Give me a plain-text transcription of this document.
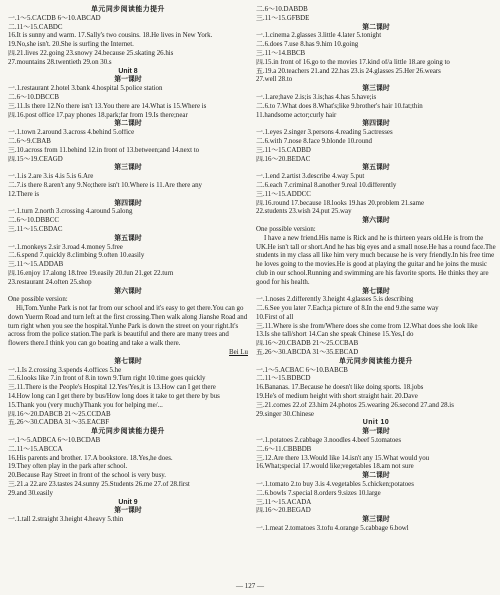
单元同步阅读能力提升
一.1～5.CACDB 6～10.ABCAD
二.11～15.CABDC
16.It is sunny and warm. 17.Sally's two cousins. 18.He lives in New York.
19.No,she isn't. 20.She is surfing the Internet.
四.21.lives 22.going 23.snowy 24.because 25.skating 26.his
27.mountains 28.twentieth 29.on 30.s
Unit 8
第一课时
一.1.restaurant 2.hotel 3.bank 4.hospital 5.police station
二.6～10.DBCCB
三.11.Is there 12.No there isn't 13.You there are 14.What is 15.Where is
四.16.post office 17.pay phones 18.park;far from 19.Is there;near
第二课时
一.1.town 2.around 3.across 4.behind 5.office
二.6～9.CBAB
三.10.across from 11.behind 12.in front of 13.between;and 14.next to
四.15～19.CEAGD
第三课时
一.1.is 2.are 3.is 4.is 5.is 6.Are
二.7.is there 8.aren't any 9.No;there isn't 10.Where is 11.Are there any
12.There is
第四课时
一.1.turn 2.north 3.crossing 4.around 5.along
二.6～10.DBBCC
三.11～15.CBDAC
第五课时
一.1.monkeys 2.sir 3.road 4.money 5.free
二.6.spend 7.quickly 8.climbing 9.often 10.easily
三.11～15.ADDAB
四.16.enjoy 17.along 18.free 19.easily 20.fun 21.get 22.turn
23.restaurant 24.often 25.shop
第六课时
One possible version:
Hi,Tom.Yunhe Park is not far from our school and it's easy to get there.You can go down Yuerm Road and turn left at the first crossing.Then walk along Jianshe Road and turn right when you see the hospital.Yunhe Park is down the street on your right.It's across from the police station.The park is beautiful and there are many trees and flowers there.I think you can go boating and take a walk there.
Bei Lu
第七课时
一.1.Is 2.crossing 3.spends 4.offices 5.he
二.6.looks like 7.in front of 8.in town 9.Turn right 10.time goes quickly
三.11.There is the People's Hospital 12.Yes/Yes,it is 13.How can I get there
14.How long can I get there by bus/How long does it take to get there by bus
15.Thank you (very much)/Thank you for helping me/...
四.16～20.DABCB 21～25.CCDAB
五.26～30.CADBA 31～35.EACBF
单元同步阅读能力提升
一.1～5.ADBCA 6～10.BCDAB
二.11～15.ABCCA
16.His parents and brother. 17.A bookstore. 18.Yes,he does.
19.They often play in the park after school.
20.Because Ray Street in front of the school is very busy.
三.21.a 22.are 23.tastes 24.sunny 25.Students 26.me 27.of 28.first
29.and 30.easily
Unit 9
第一课时
一.1.tall 2.straight 3.height 4.heavy 5.thin
二.6～10.DABDB
三.11～15.GFBDE
第二课时
一.1.cinema 2.glasses 3.little 4.later 5.tonight
二.6.does 7.use 8.has 9.him 10.going
三.11～14.BBCB
四.15.in front of 16.go to the movies 17.kind of/a little 18.are going to
五.19.a 20.teachers 21.and 22.has 23.is 24.glasses 25.Her 26.wears
27.well 28.to
第三课时
一.1.are;have 2.is;is 3.is;has 4.has 5.have;is
二.6.to 7.What does 8.What's;like 9.brother's hair 10.fat;thin
11.handsome actor;curly hair
第四课时
一.1.eyes 2.singer 3.persons 4.reading 5.actresses
二.6.with 7.nose 8.face 9.blonde 10.round
三.11～15.CADBD
四.16～20.BEDAC
第五课时
一.1.end 2.artist 3.describe 4.way 5.put
二.6.each 7.criminal 8.another 9.real 10.differently
三.11～15.ADDCC
四.16.round 17.because 18.looks 19.has 20.problem 21.same
22.students 23.wish 24.put 25.way
第六课时
One possible version:
I have a new friend.His name is Rick and he is thirteen years old.He is from the UK.He isn't tall or short.And he has big eyes and a small nose.He has a round face.The students in my class all like him very much because he is very friendly.In his free time he loves going to the movies.He is good at playing the guitar and he joins the music club in our school.Running and swimming are his favorite sports. He thinks they are good for his health.
第七课时
一.1.noses 2.differently 3.height 4.glasses 5.is describing
二.6.See you later 7.Each;a picture of 8.In the end 9.the same way
10.First of all
三.11.Where is she from/Where does she come from 12.What does she look like
13.Is she tall/short 14.Can she speak Chinese 15.Yes,I do
四.16～20.CBADB 21～25.CCBAB
五.26～30.ABCDA 31～35.EBCAD
单元同步阅读能力提升
一.1～5.ACBAC 6～10.BABCB
二.11～15.BDBCD
16.Bananas. 17.Because he doesn't like doing sports. 18.jobs
19.He's of medium height with short straight hair. 20.Dave
三.21.comes 22.of 23.him 24.photos 25.wearing 26.second 27.and 28.is
29.singer 30.Chinese
Unit 10
第一课时
一.1.potatoes 2.cabbage 3.noodles 4.beef 5.tomatoes
二.6～11.CBBBDB
三.12.Are there 13.Would like 14.isn't any 15.What would you
16.What;special 17.would like;vegetables 18.am not sure
第二课时
一.1.tomato 2.to buy 3.is 4.vegetables 5.chicken;potatoes
二.6.bowls 7.special 8.orders 9.sizes 10.large
三.11～15.ACADA
四.16～20.BEGAD
第三课时
一.1.meat 2.tomatoes 3.tofu 4.orange 5.cabbage 6.bowl
— 127 —
